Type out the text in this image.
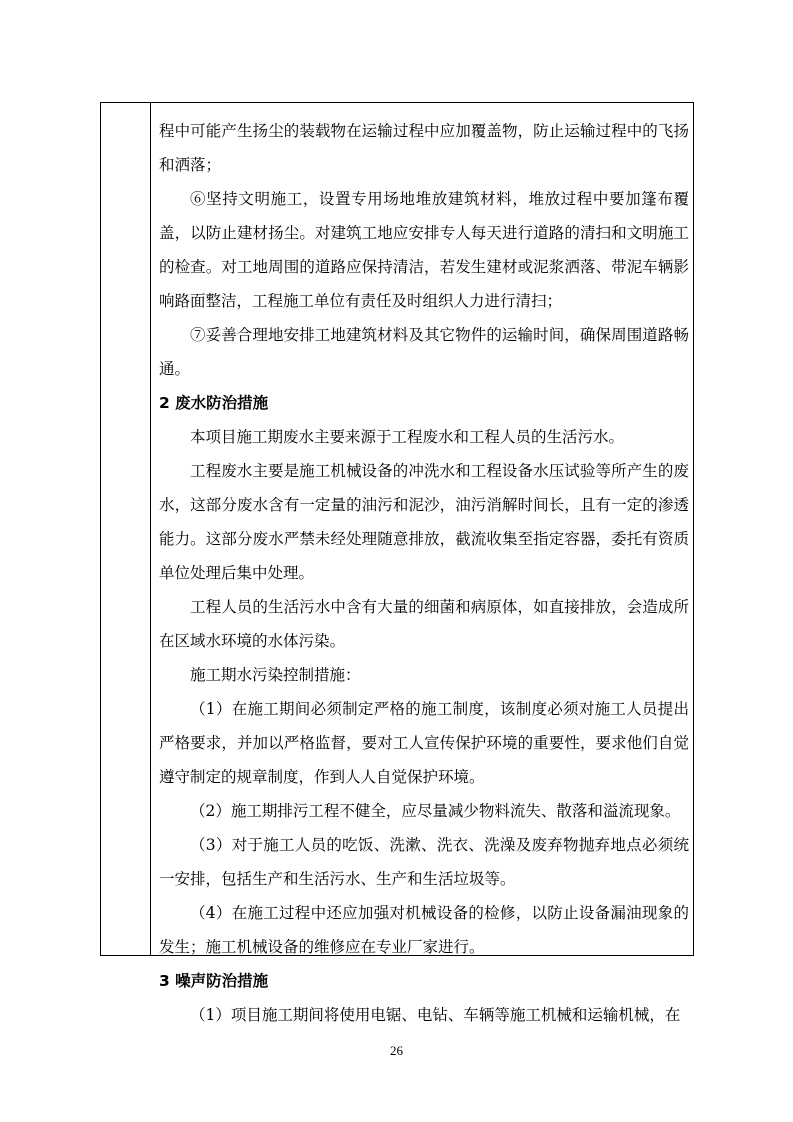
程中可能产生扬尘的装载物在运输过程中应加覆盖物，防止运输过程中的飞扬和洒落；

⑥坚持文明施工，设置专用场地堆放建筑材料，堆放过程中要加篷布覆盖，以防止建材扬尘。对建筑工地应安排专人每天进行道路的清扫和文明施工的检查。对工地周围的道路应保持清洁，若发生建材或泥浆洒落、带泥车辆影响路面整洁，工程施工单位有责任及时组织人力进行清扫；

⑦妥善合理地安排工地建筑材料及其它物件的运输时间，确保周围道路畅通。

2 废水防治措施

本项目施工期废水主要来源于工程废水和工程人员的生活污水。

工程废水主要是施工机械设备的冲洗水和工程设备水压试验等所产生的废水，这部分废水含有一定量的油污和泥沙，油污消解时间长，且有一定的渗透能力。这部分废水严禁未经处理随意排放，截流收集至指定容器，委托有资质单位处理后集中处理。

工程人员的生活污水中含有大量的细菌和病原体，如直接排放，会造成所在区域水环境的水体污染。

施工期水污染控制措施：

（1）在施工期间必须制定严格的施工制度，该制度必须对施工人员提出严格要求，并加以严格监督，要对工人宣传保护环境的重要性，要求他们自觉遵守制定的规章制度，作到人人自觉保护环境。

（2）施工期排污工程不健全，应尽量减少物料流失、散落和溢流现象。

（3）对于施工人员的吃饭、洗漱、洗衣、洗澡及废弃物抛弃地点必须统一安排，包括生产和生活污水、生产和生活垃圾等。

（4）在施工过程中还应加强对机械设备的检修，以防止设备漏油现象的发生；施工机械设备的维修应在专业厂家进行。

3 噪声防治措施

（1）项目施工期间将使用电锯、电钻、车辆等施工机械和运输机械，在

26
